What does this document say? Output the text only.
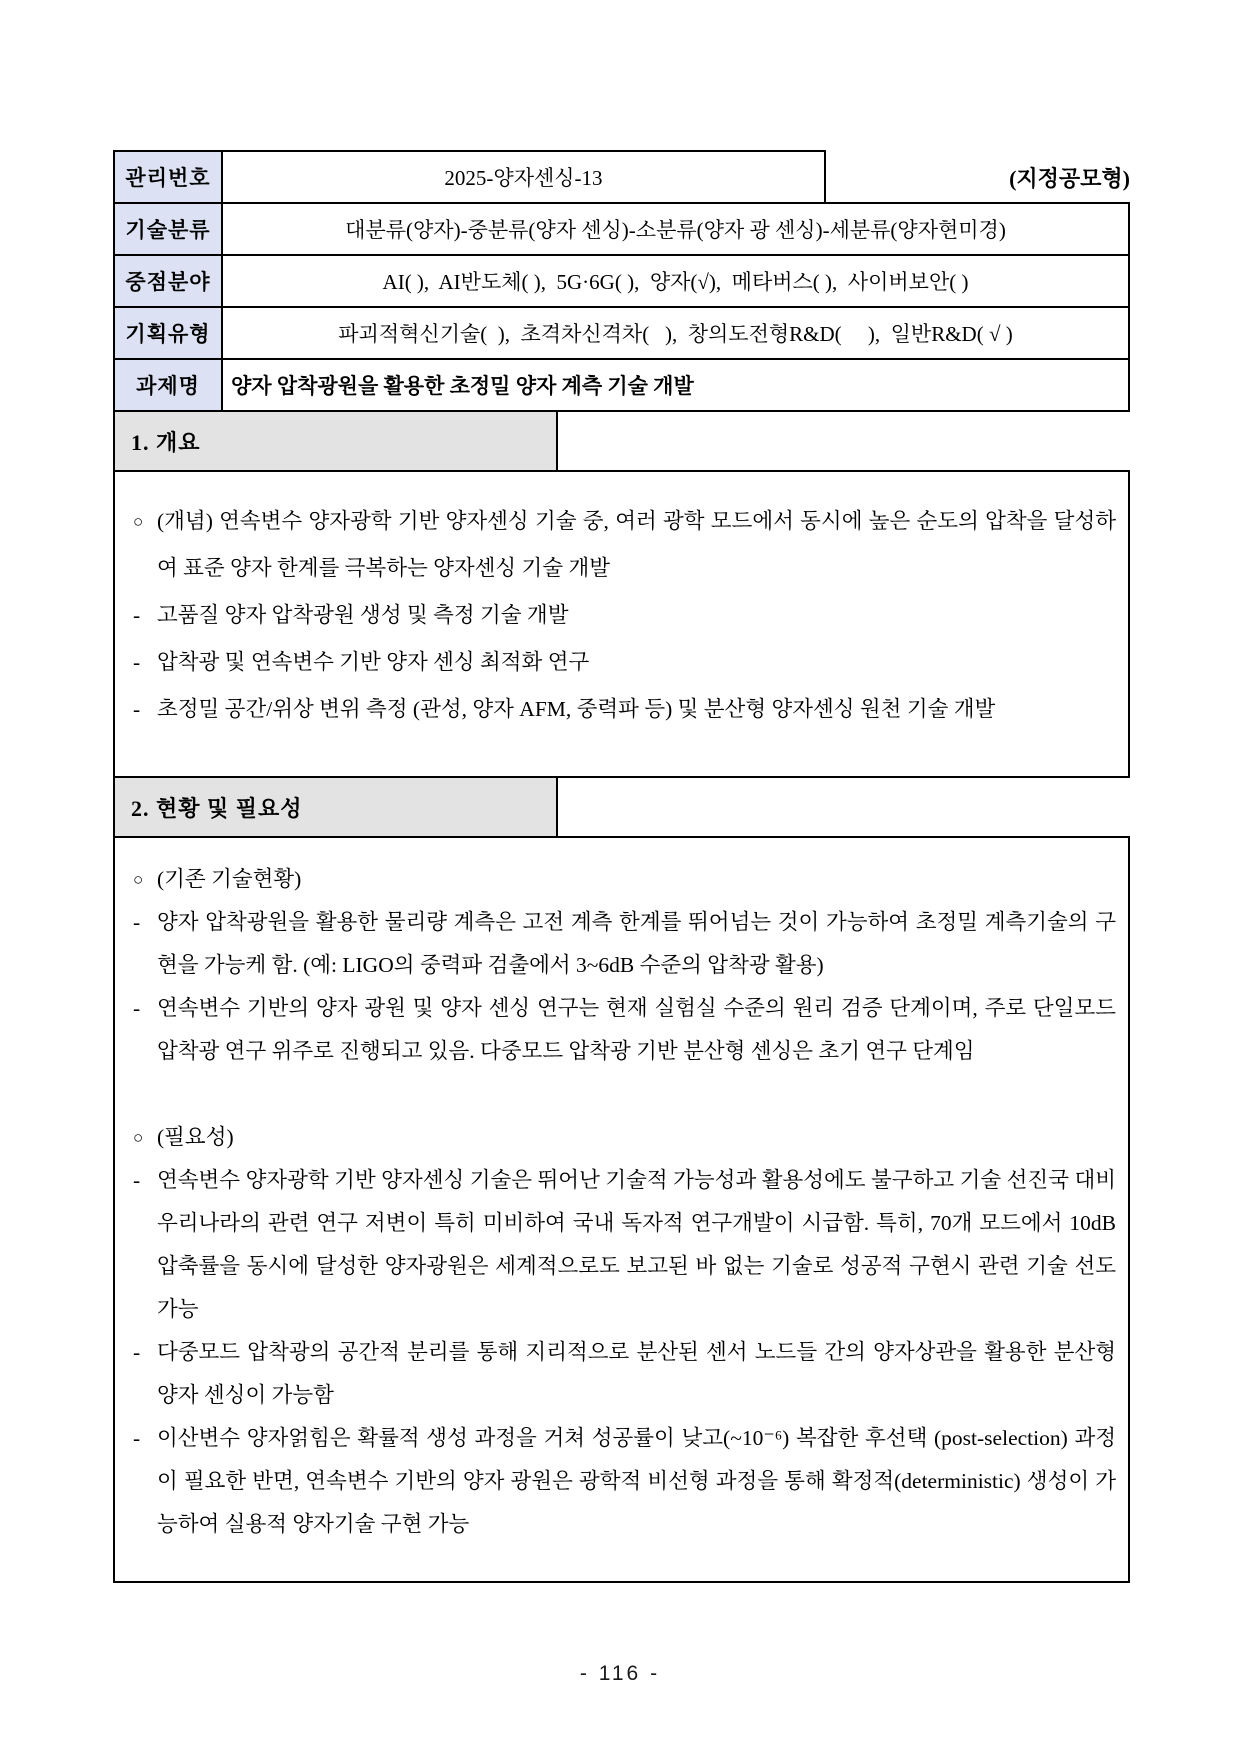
관리번호	2025-양자센싱-13	(지정공모형)
기술분류	대분류(양자)-중분류(양자 센싱)-소분류(양자 광 센싱)-세분류(양자현미경)
중점분야	AI( ),  AI반도체( ),  5G·6G( ),  양자(√),  메타버스( ),  사이버보안( )
기획유형	파괴적혁신기술(  ),  초격차신격차(   ),  창의도전형R&D(     ),  일반R&D( √ )
과제명	양자 압착광원을 활용한 초정밀 양자 계측 기술 개발
1. 개요
○ (개념) 연속변수 양자광학 기반 양자센싱 기술 중, 여러 광학 모드에서 동시에 높은 순도의 압착을 달성하여 표준 양자 한계를 극복하는 양자센싱 기술 개발
- 고품질 양자 압착광원 생성 및 측정 기술 개발
- 압착광 및 연속변수 기반 양자 센싱 최적화 연구
- 초정밀 공간/위상 변위 측정 (관성, 양자 AFM, 중력파 등) 및 분산형 양자센싱 원천 기술 개발
2. 현황 및 필요성
○ (기존 기술현황)
- 양자 압착광원을 활용한 물리량 계측은 고전 계측 한계를 뛰어넘는 것이 가능하여 초정밀 계측기술의 구현을 가능케 함. (예: LIGO의 중력파 검출에서 3~6dB 수준의 압착광 활용)
- 연속변수 기반의 양자 광원 및 양자 센싱 연구는 현재 실험실 수준의 원리 검증 단계이며, 주로 단일모드 압착광 연구 위주로 진행되고 있음. 다중모드 압착광 기반 분산형 센싱은 초기 연구 단계임
○ (필요성)
- 연속변수 양자광학 기반 양자센싱 기술은 뛰어난 기술적 가능성과 활용성에도 불구하고 기술 선진국 대비 우리나라의 관련 연구 저변이 특히 미비하여 국내 독자적 연구개발이 시급함. 특히, 70개 모드에서 10dB 압축률을 동시에 달성한 양자광원은 세계적으로도 보고된 바 없는 기술로 성공적 구현시 관련 기술 선도가능
- 다중모드 압착광의 공간적 분리를 통해 지리적으로 분산된 센서 노드들 간의 양자상관을 활용한 분산형 양자 센싱이 가능함
- 이산변수 양자얽힘은 확률적 생성 과정을 거쳐 성공률이 낮고(~10⁻⁶) 복잡한 후선택 (post-selection) 과정이 필요한 반면, 연속변수 기반의 양자 광원은 광학적 비선형 과정을 통해 확정적(deterministic) 생성이 가능하여 실용적 양자기술 구현 가능
- 116 -
